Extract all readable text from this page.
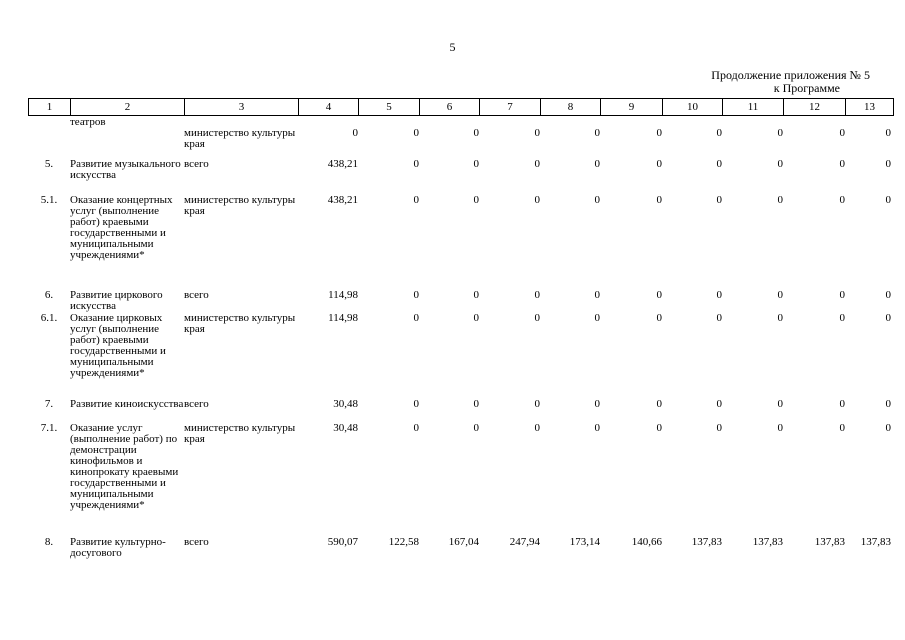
5
Продолжение приложения № 5
к Программе
1	2	3	4	5	6	7	8	9	10	11	12	13
	театров											
		министерство культуры края	0	0	0	0	0	0	0	0	0	0
5.	Развитие музыкального искусства	всего	438,21	0	0	0	0	0	0	0	0	0
5.1.	Оказание концертных услуг (выполнение работ) краевыми государственными и муниципальными учреждениями*	министерство культуры края	438,21	0	0	0	0	0	0	0	0	0
6.	Развитие циркового искусства	всего	114,98	0	0	0	0	0	0	0	0	0
6.1.	Оказание цирковых услуг (выполнение работ) краевыми государственными и муниципальными учреждениями*	министерство культуры края	114,98	0	0	0	0	0	0	0	0	0
7.	Развитие киноискусства	всего	30,48	0	0	0	0	0	0	0	0	0
7.1.	Оказание услуг (выполнение работ) по демонстрации кинофильмов и кинопрокату краевыми государственными и муниципальными учреждениями*	министерство культуры края	30,48	0	0	0	0	0	0	0	0	0
8.	Развитие культурно-досугового	всего	590,07	122,58	167,04	247,94	173,14	140,66	137,83	137,83	137,83	137,83
